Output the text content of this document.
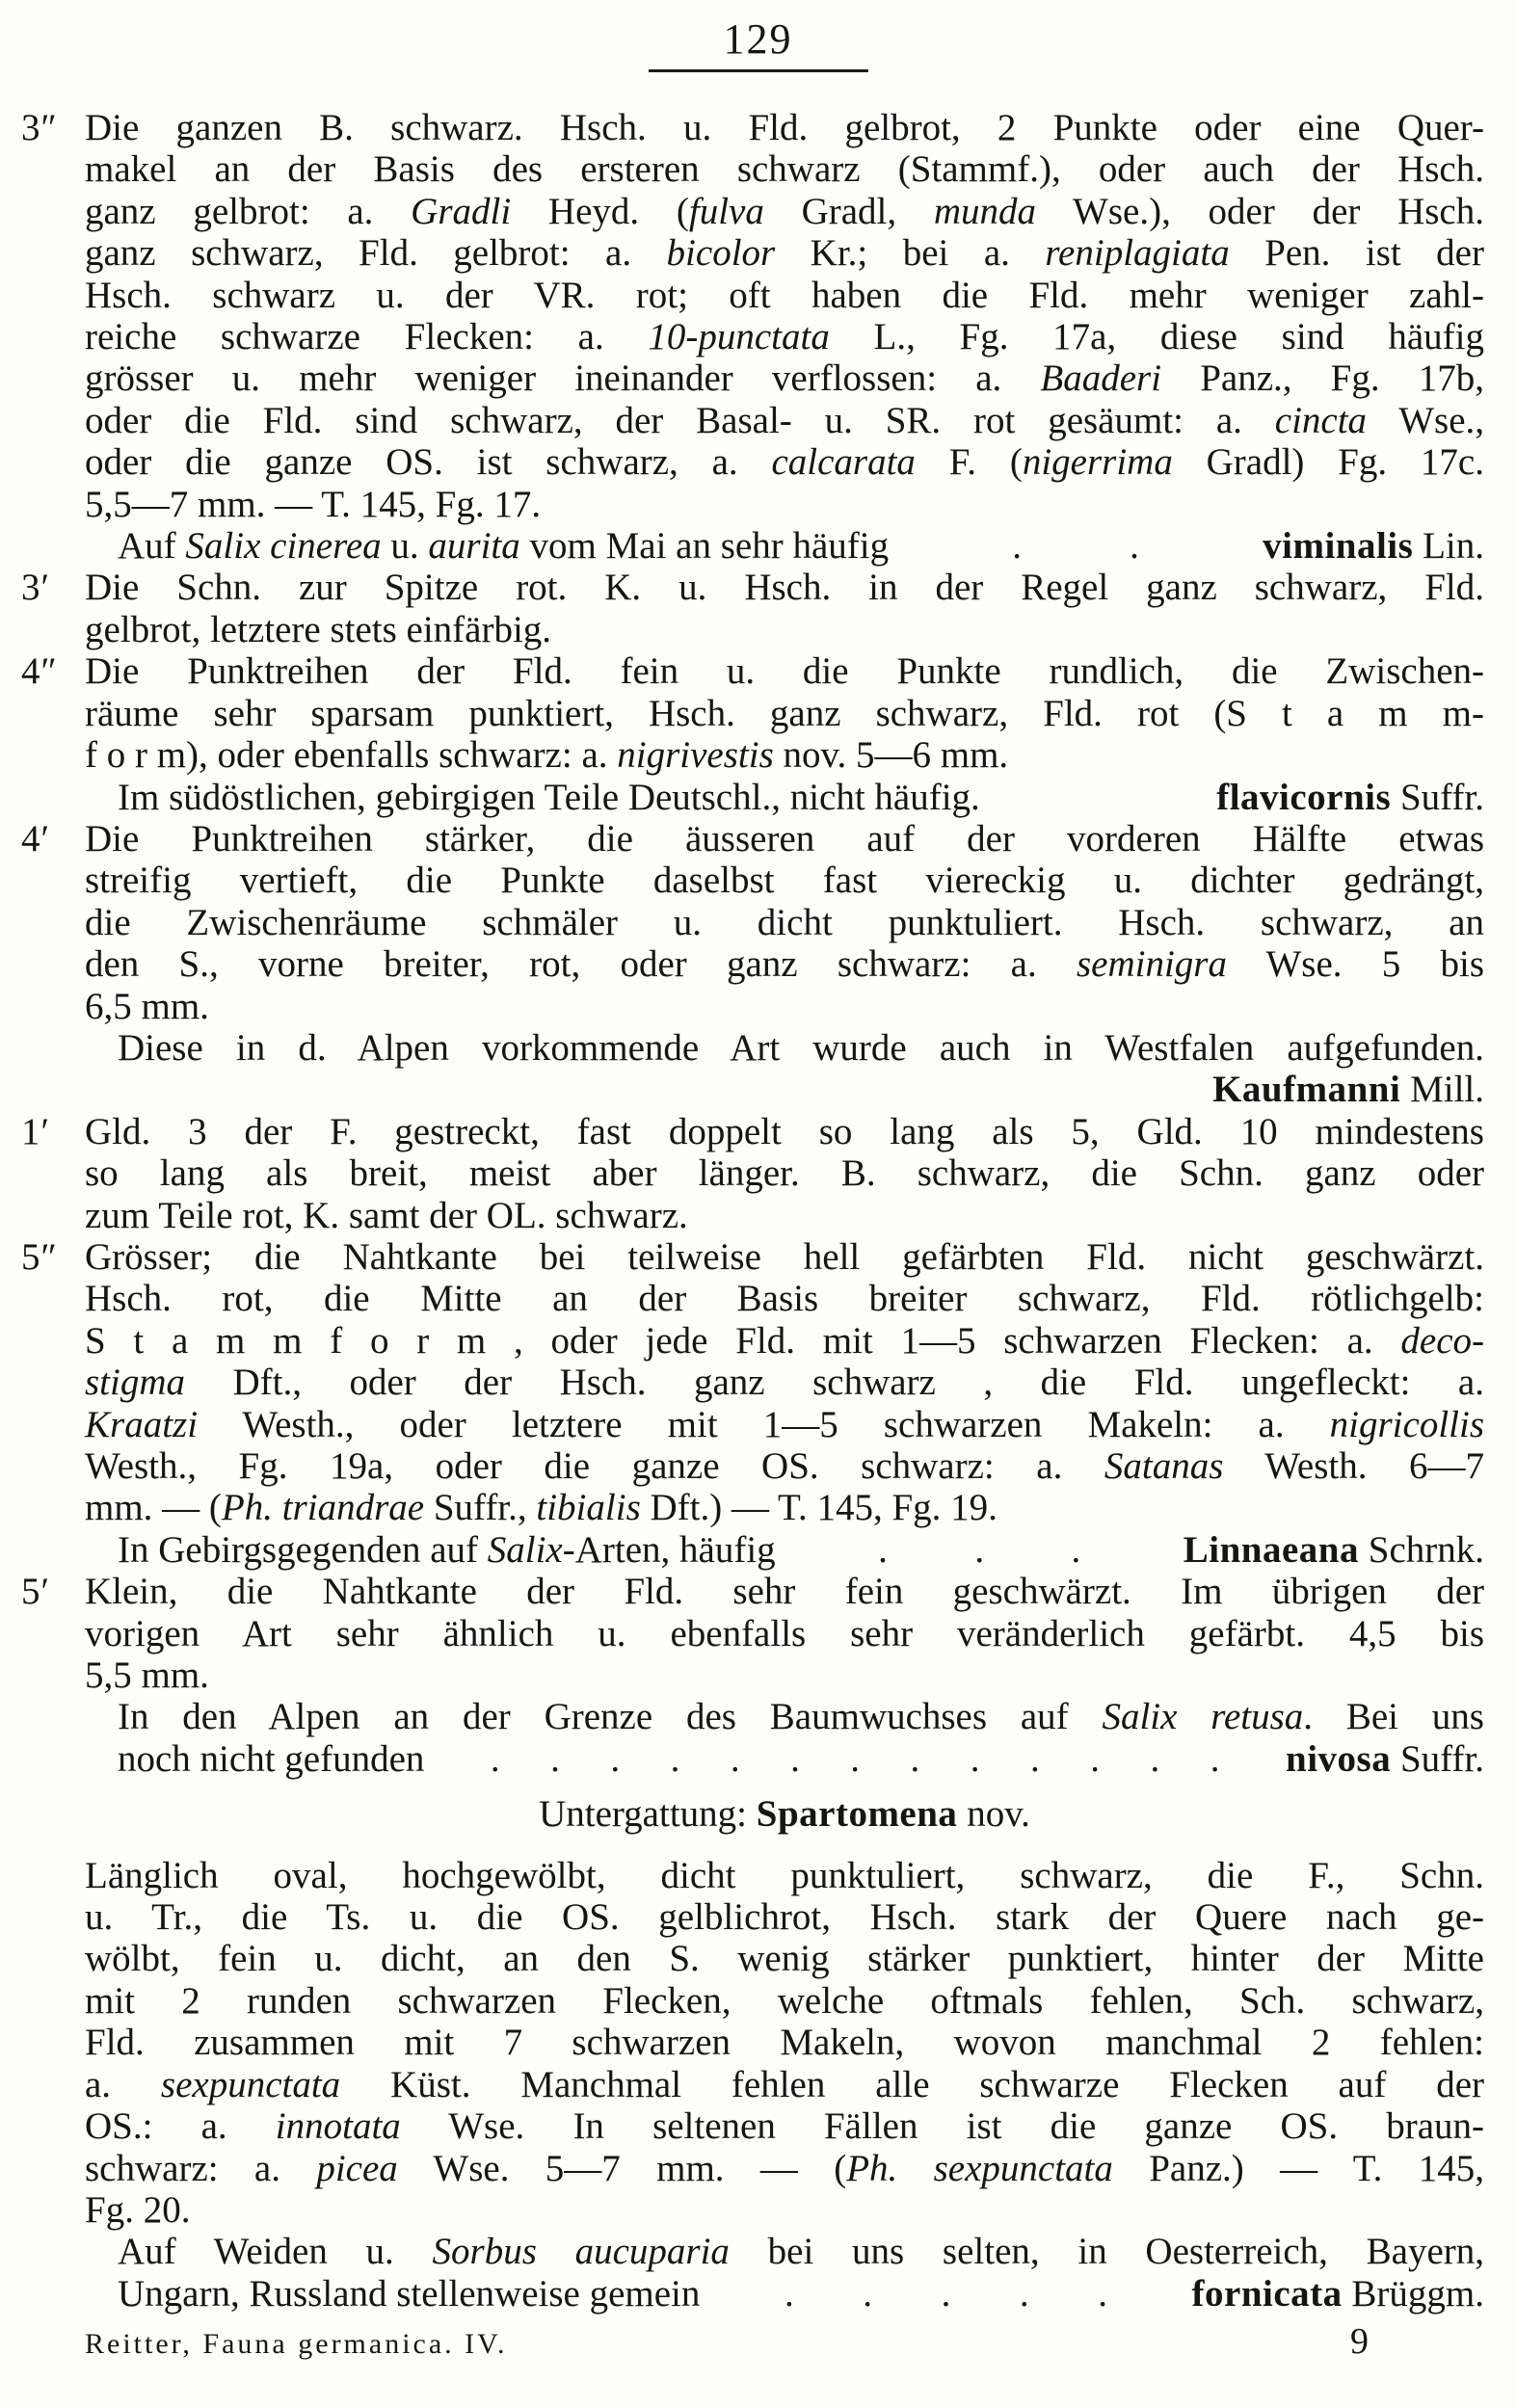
129
3″ Die ganzen B. schwarz. Hsch. u. Fld. gelbrot, 2 Punkte oder eine Quer-
makel an der Basis des ersteren schwarz (Stammf.), oder auch der Hsch.
ganz gelbrot: a. Gradli Heyd. (fulva Gradl, munda Wse.), oder der Hsch.
ganz schwarz, Fld. gelbrot: a. bicolor Kr.; bei a. reniplagiata Pen. ist der
Hsch. schwarz u. der VR. rot; oft haben die Fld. mehr weniger zahl-
reiche schwarze Flecken: a. 10-punctata L., Fg. 17a, diese sind häufig
grösser u. mehr weniger ineinander verflossen: a. Baaderi Panz., Fg. 17b,
oder die Fld. sind schwarz, der Basal- u. SR. rot gesäumt: a. cincta Wse.,
oder die ganze OS. ist schwarz, a. calcarata F. (nigerrima Gradl) Fg. 17c.
5,5—7 mm. — T. 145, Fg. 17.
Auf Salix cinerea u. aurita vom Mai an sehr häufig	.	.	viminalis Lin.
3′ Die Schn. zur Spitze rot. K. u. Hsch. in der Regel ganz schwarz, Fld.
gelbrot, letztere stets einfärbig.
4″ Die Punktreihen der Fld. fein u. die Punkte rundlich, die Zwischen-
räume sehr sparsam punktiert, Hsch. ganz schwarz, Fld. rot (S t a m m-
f o r m), oder ebenfalls schwarz: a. nigrivestis nov. 5—6 mm.
Im südöstlichen, gebirgigen Teile Deutschl., nicht häufig.	flavicornis Suffr.
4′ Die Punktreihen stärker, die äusseren auf der vorderen Hälfte etwas
streifig vertieft, die Punkte daselbst fast viereckig u. dichter gedrängt,
die Zwischenräume schmäler u. dicht punktuliert. Hsch. schwarz, an
den S., vorne breiter, rot, oder ganz schwarz: a. seminigra Wse. 5 bis
6,5 mm.
Diese in d. Alpen vorkommende Art wurde auch in Westfalen aufgefunden.
Kaufmanni Mill.
1′ Gld. 3 der F. gestreckt, fast doppelt so lang als 5, Gld. 10 mindestens
so lang als breit, meist aber länger. B. schwarz, die Schn. ganz oder
zum Teile rot, K. samt der OL. schwarz.
5″ Grösser; die Nahtkante bei teilweise hell gefärbten Fld. nicht geschwärzt.
Hsch. rot, die Mitte an der Basis breiter schwarz, Fld. rötlichgelb:
S t a m m f o r m , oder jede Fld. mit 1—5 schwarzen Flecken: a. deco-
stigma Dft., oder der Hsch. ganz schwarz , die Fld. ungefleckt: a.
Kraatzi Westh., oder letztere mit 1—5 schwarzen Makeln: a. nigricollis
Westh., Fg. 19a, oder die ganze OS. schwarz: a. Satanas Westh. 6—7
mm. — (Ph. triandrae Suffr., tibialis Dft.) — T. 145, Fg. 19.
In Gebirgsgegenden auf Salix-Arten, häufig	. . .	Linnaeana Schrnk.
5′ Klein, die Nahtkante der Fld. sehr fein geschwärzt. Im übrigen der
vorigen Art sehr ähnlich u. ebenfalls sehr veränderlich gefärbt. 4,5 bis
5,5 mm.
In den Alpen an der Grenze des Baumwuchses auf Salix retusa. Bei uns
noch nicht gefunden . . . . . . . . . . . . . nivosa Suffr.
Untergattung: Spartomena nov.
Länglich oval, hochgewölbt, dicht punktuliert, schwarz, die F., Schn.
u. Tr., die Ts. u. die OS. gelblichrot, Hsch. stark der Quere nach ge-
wölbt, fein u. dicht, an den S. wenig stärker punktiert, hinter der Mitte
mit 2 runden schwarzen Flecken, welche oftmals fehlen, Sch. schwarz,
Fld. zusammen mit 7 schwarzen Makeln, wovon manchmal 2 fehlen:
a. sexpunctata Küst. Manchmal fehlen alle schwarze Flecken auf der
OS.: a. innotata Wse. In seltenen Fällen ist die ganze OS. braun-
schwarz: a. picea Wse. 5—7 mm. — (Ph. sexpunctata Panz.) — T. 145,
Fg. 20.
Auf Weiden u. Sorbus aucuparia bei uns selten, in Oesterreich, Bayern,
Ungarn, Russland stellenweise gemein . . . . . fornicata Brüggm.
Reitter, Fauna germanica. IV.	9
